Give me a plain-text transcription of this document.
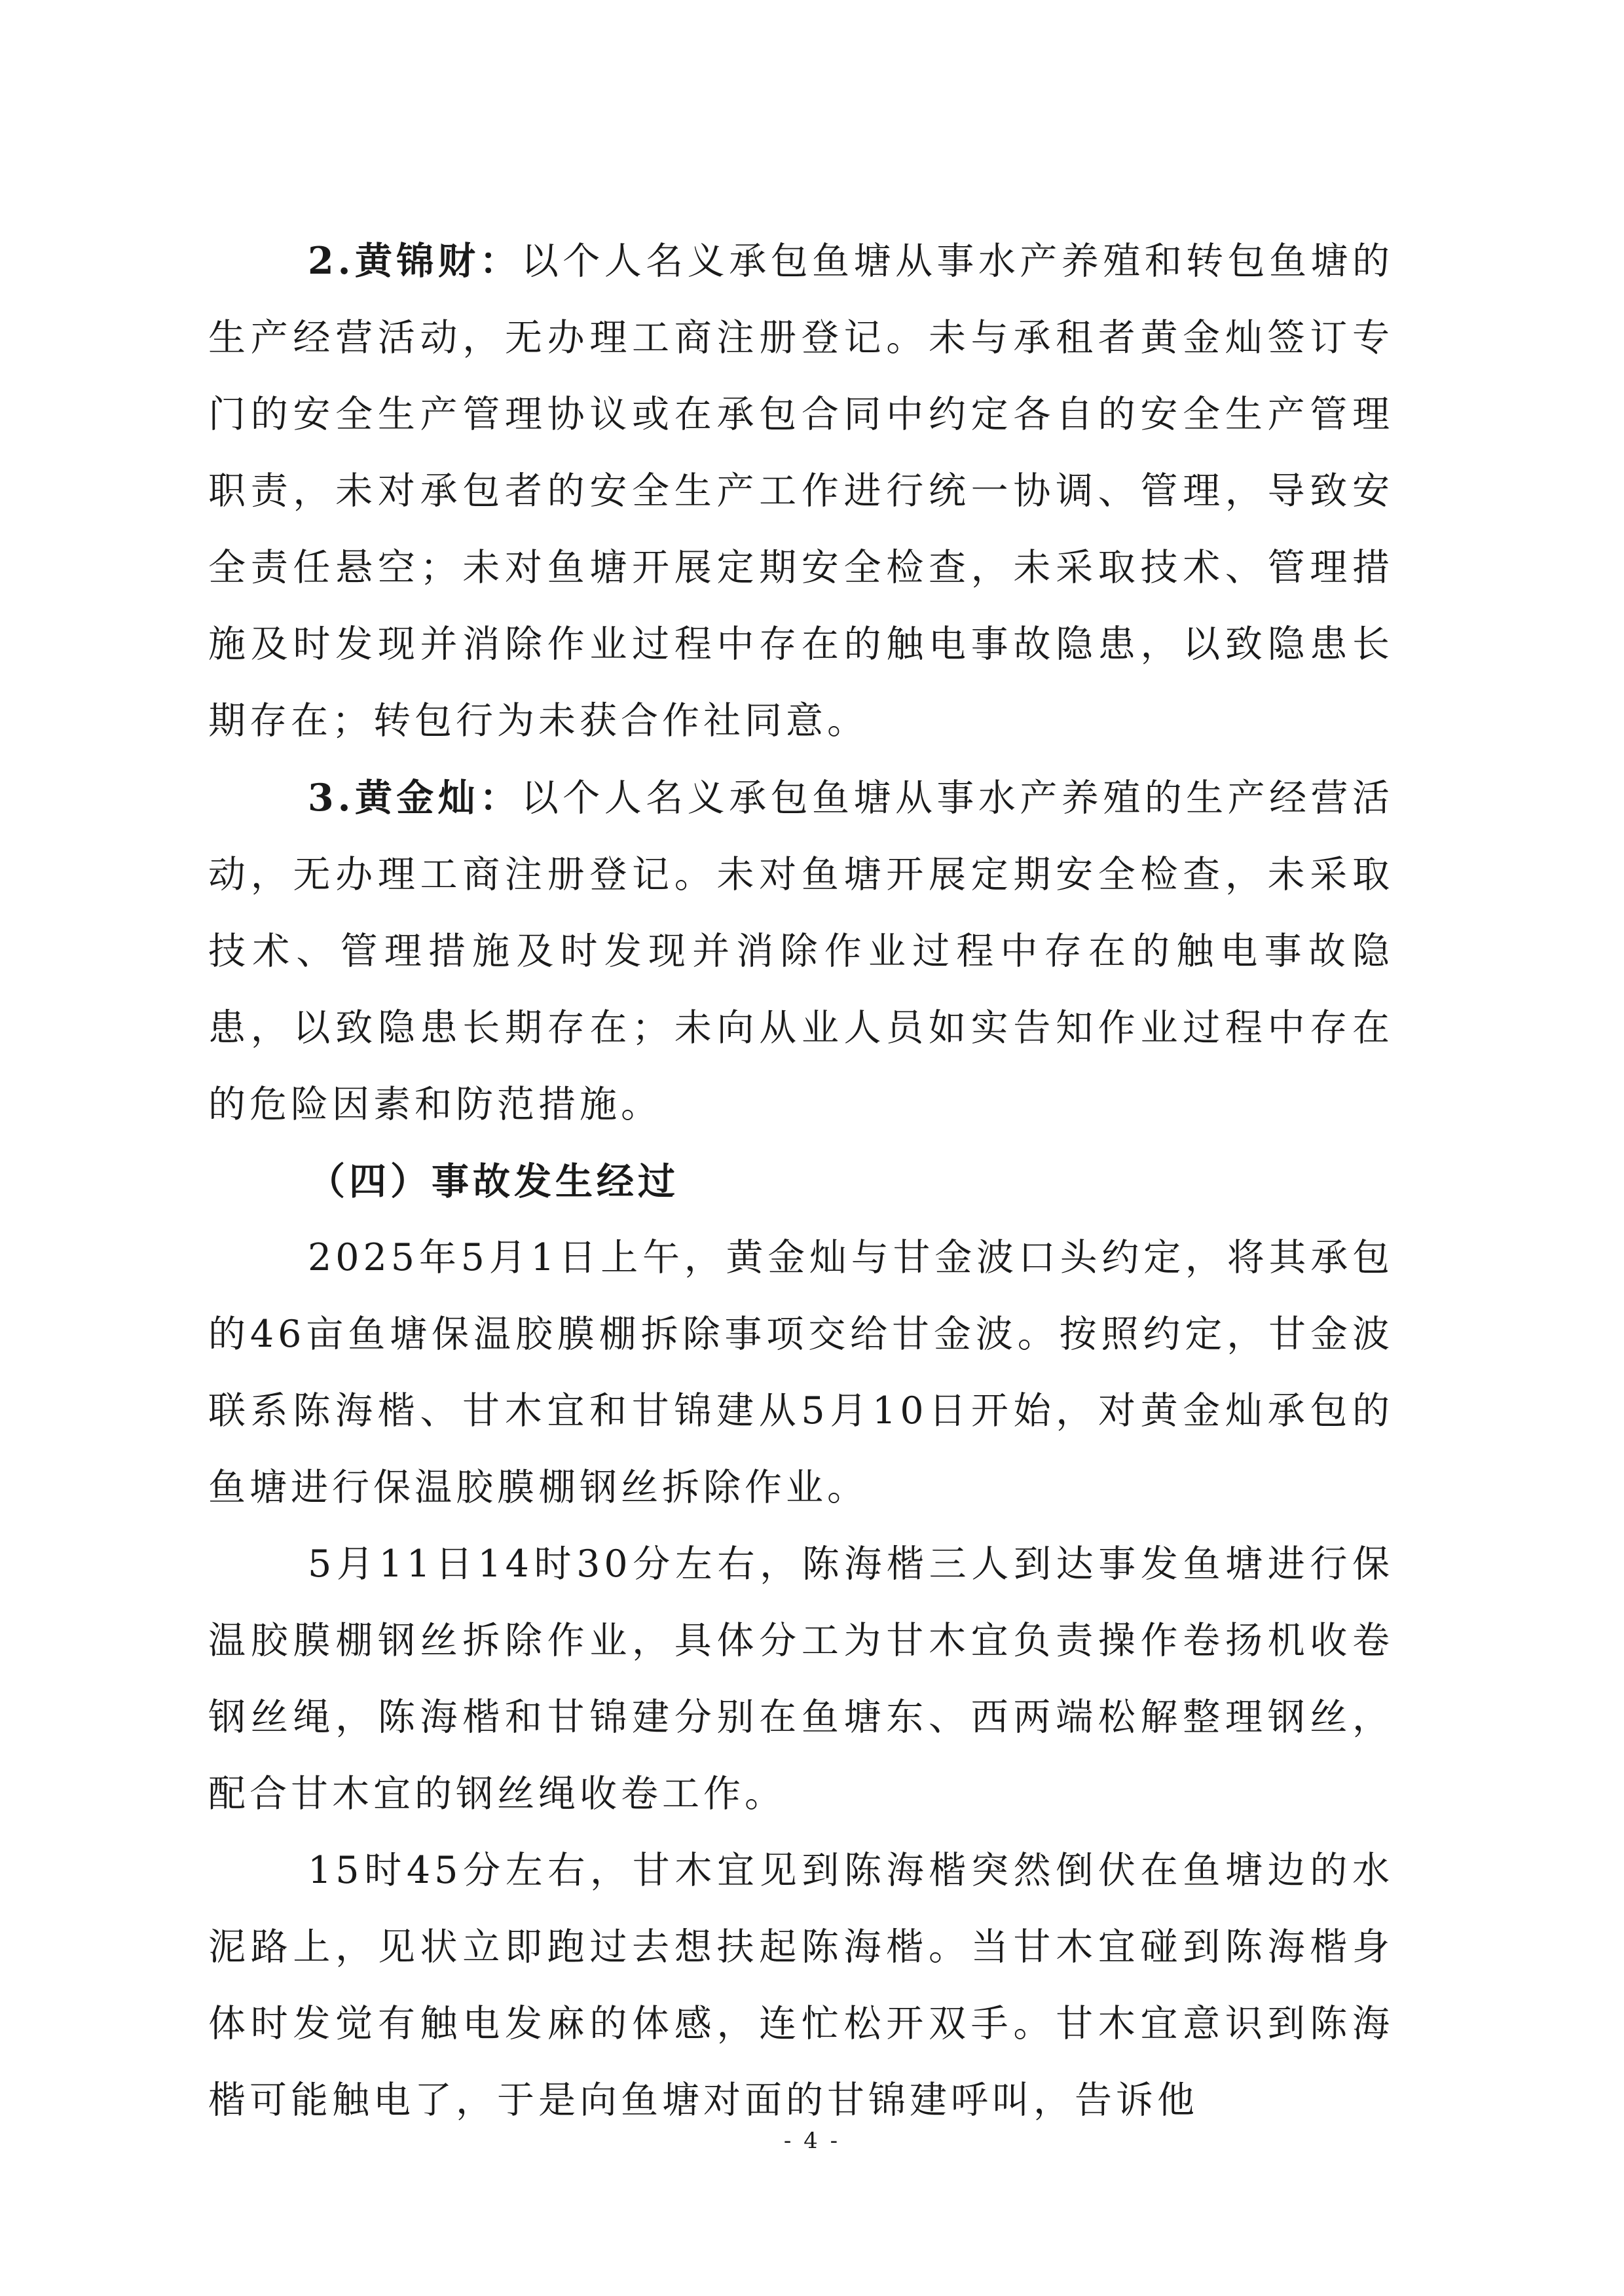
2.黄锦财：以个人名义承包鱼塘从事水产养殖和转包鱼塘的生产经营活动，无办理工商注册登记。未与承租者黄金灿签订专门的安全生产管理协议或在承包合同中约定各自的安全生产管理职责，未对承包者的安全生产工作进行统一协调、管理，导致安全责任悬空；未对鱼塘开展定期安全检查，未采取技术、管理措施及时发现并消除作业过程中存在的触电事故隐患，以致隐患长期存在；转包行为未获合作社同意。

3.黄金灿：以个人名义承包鱼塘从事水产养殖的生产经营活动，无办理工商注册登记。未对鱼塘开展定期安全检查，未采取技术、管理措施及时发现并消除作业过程中存在的触电事故隐患，以致隐患长期存在；未向从业人员如实告知作业过程中存在的危险因素和防范措施。

（四）事故发生经过

2025年5月1日上午，黄金灿与甘金波口头约定，将其承包的46亩鱼塘保温胶膜棚拆除事项交给甘金波。按照约定，甘金波联系陈海楷、甘木宜和甘锦建从5月10日开始，对黄金灿承包的鱼塘进行保温胶膜棚钢丝拆除作业。

5月11日14时30分左右，陈海楷三人到达事发鱼塘进行保温胶膜棚钢丝拆除作业，具体分工为甘木宜负责操作卷扬机收卷钢丝绳，陈海楷和甘锦建分别在鱼塘东、西两端松解整理钢丝，配合甘木宜的钢丝绳收卷工作。

15时45分左右，甘木宜见到陈海楷突然倒伏在鱼塘边的水泥路上，见状立即跑过去想扶起陈海楷。当甘木宜碰到陈海楷身体时发觉有触电发麻的体感，连忙松开双手。甘木宜意识到陈海楷可能触电了，于是向鱼塘对面的甘锦建呼叫，告诉他

- 4 -
